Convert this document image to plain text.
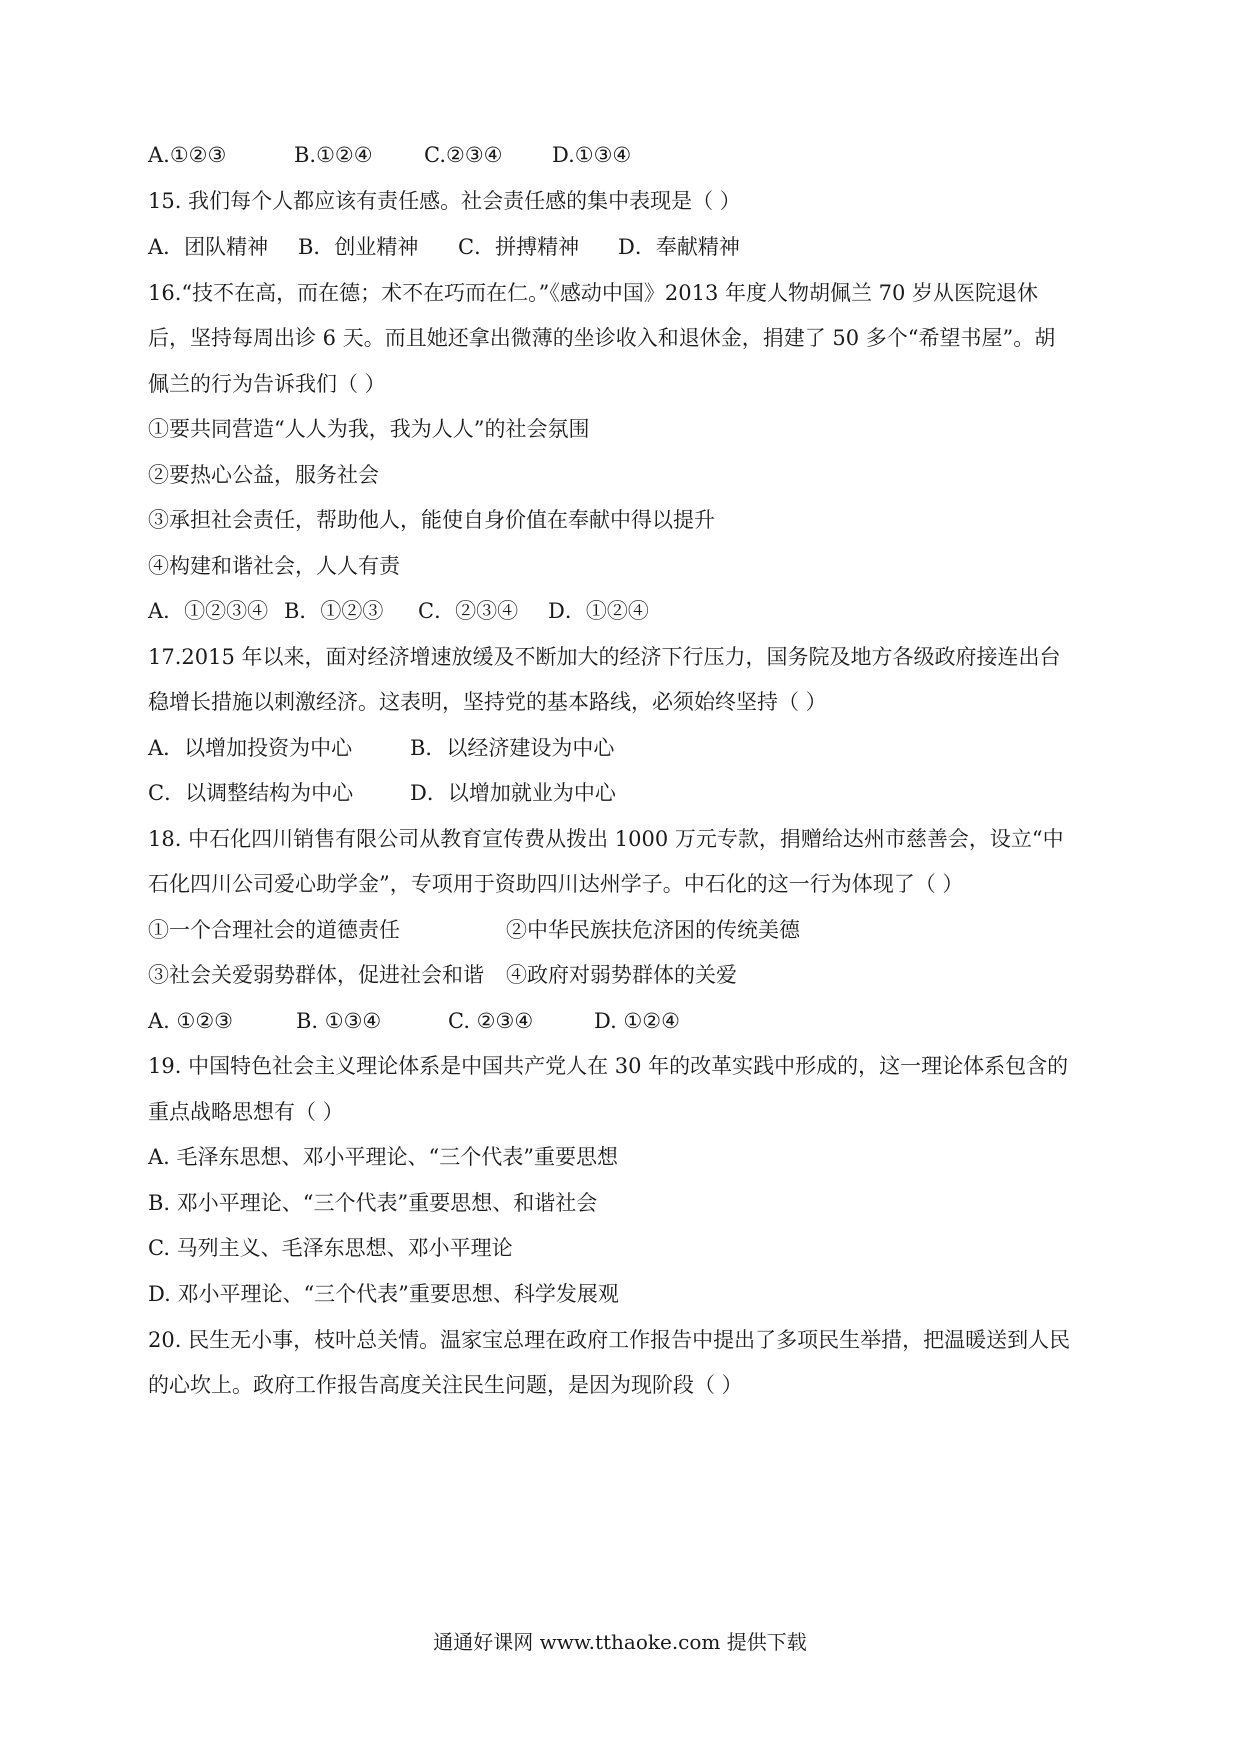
A.①②③	B.①②④ C.②③④ D.①③④
15. 我们每个人都应该有责任感。社会责任感的集中表现是（ ）
A．团队精神 B．创业精神 C．拼搏精神 D．奉献精神
16.“技不在高，而在德；术不在巧而在仁。”《感动中国》2013 年度人物胡佩兰 70 岁从医院退休
后，坚持每周出诊 6 天。而且她还拿出微薄的坐诊收入和退休金，捐建了 50 多个“希望书屋”。胡
佩兰的行为告诉我们（ ）
①要共同营造“人人为我，我为人人”的社会氛围
②要热心公益，服务社会
③承担社会责任，帮助他人，能使自身价值在奉献中得以提升
④构建和谐社会，人人有责
A．①②③④ B．①②③ C．②③④ D．①②④
17.2015 年以来，面对经济增速放缓及不断加大的经济下行压力，国务院及地方各级政府接连出台
稳增长措施以刺激经济。这表明，坚持党的基本路线，必须始终坚持（ ）
A．以增加投资为中心	B．以经济建设为中心
C．以调整结构为中心	D．以增加就业为中心
18. 中石化四川销售有限公司从教育宣传费从拨出 1000 万元专款，捐赠给达州市慈善会，设立“中
石化四川公司爱心助学金”，专项用于资助四川达州学子。中石化的这一行为体现了（ ）
①一个合理社会的道德责任	②中华民族扶危济困的传统美德
③社会关爱弱势群体，促进社会和谐 ④政府对弱势群体的关爱
A. ①②③	B. ①③④	C. ②③④	D. ①②④
19. 中国特色社会主义理论体系是中国共产党人在 30 年的改革实践中形成的，这一理论体系包含的
重点战略思想有（ ）
A. 毛泽东思想、邓小平理论、“三个代表”重要思想
B. 邓小平理论、“三个代表”重要思想、和谐社会
C. 马列主义、毛泽东思想、邓小平理论
D. 邓小平理论、“三个代表”重要思想、科学发展观
20. 民生无小事，枝叶总关情。温家宝总理在政府工作报告中提出了多项民生举措，把温暖送到人民
的心坎上。政府工作报告高度关注民生问题，是因为现阶段（ ）
通通好课网 www.tthaoke.com 提供下载
